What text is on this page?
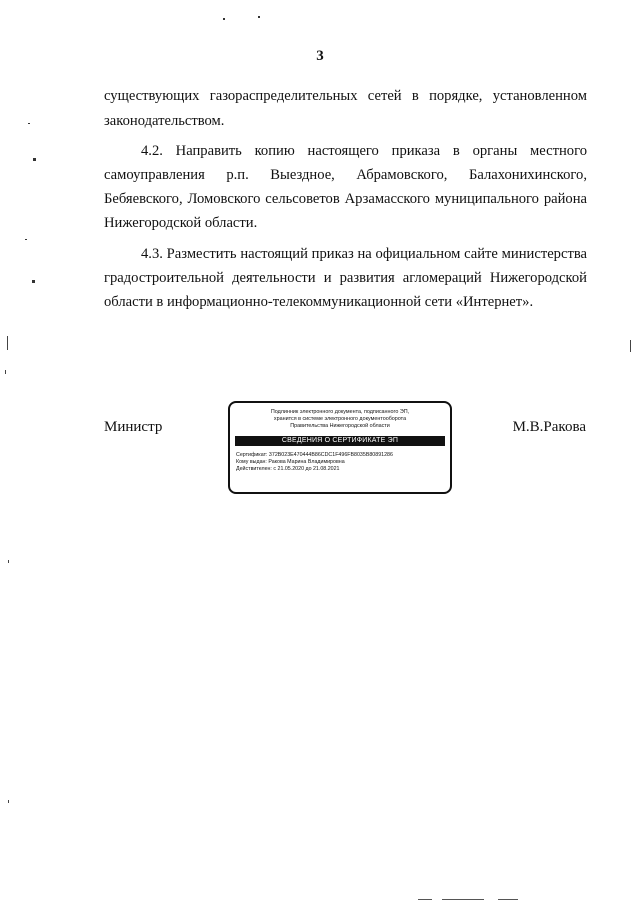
3
существующих газораспределительных сетей в порядке, установленном
законодательством.
4.2. Направить копию настоящего приказа в органы местного
самоуправления р.п. Выездное, Абрамовского, Балахонихинского,
Бебяевского, Ломовского сельсоветов Арзамасского муниципального района
Нижегородской области.
4.3. Разместить настоящий приказ на официальном сайте министерства
градостроительной деятельности и развития агломераций Нижегородской
области в информационно-телекоммуникационной сети «Интернет».
Министр	М.В.Ракова
Подлинник электронного документа, подписанного ЭП,
хранится в системе электронного документооборота
Правительства Нижегородской области
СВЕДЕНИЯ О СЕРТИФИКАТЕ ЭП
Сертификат: 372B023E470444B86CDC1F496FB8035B80891286
Кому выдан: Ракова Марина Владимировна
Действителен: с 21.05.2020 до 21.08.2021
